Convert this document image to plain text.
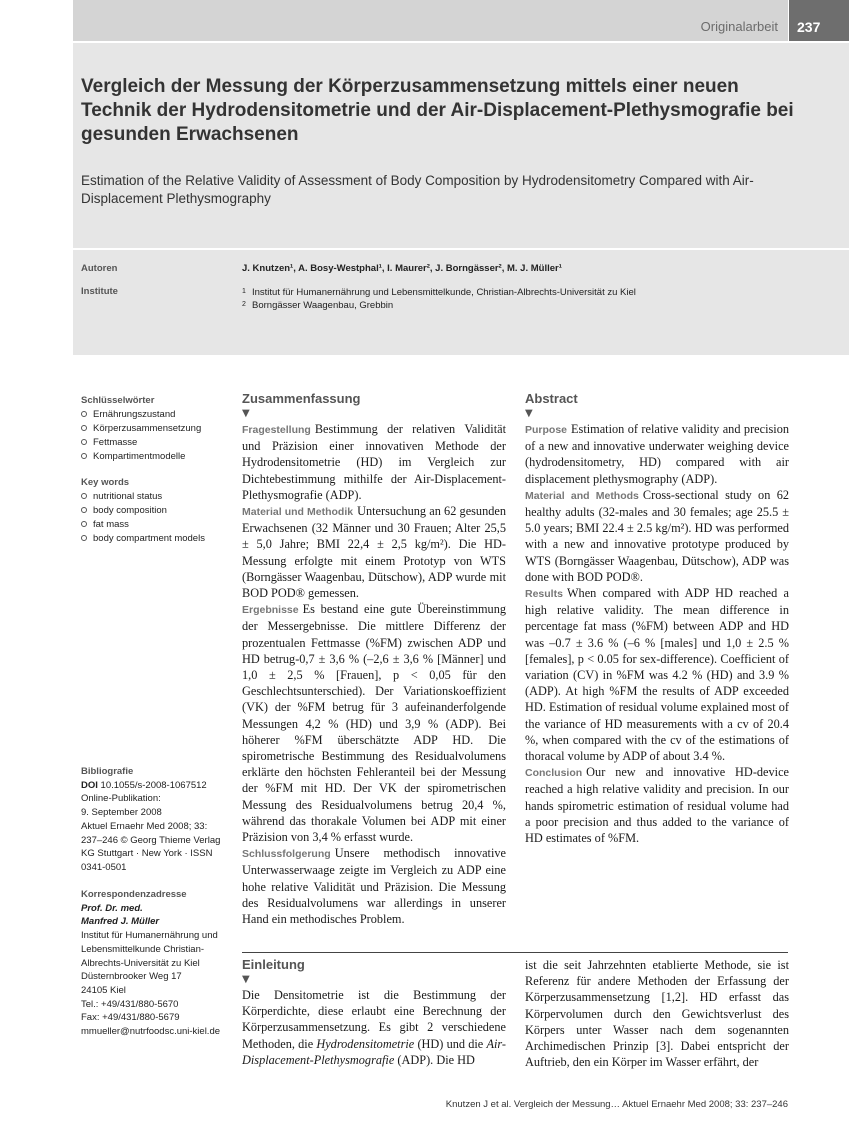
Originalarbeit	237
Vergleich der Messung der Körperzusammensetzung mittels einer neuen Technik der Hydrodensitometrie und der Air-Displacement-Plethysmografie bei gesunden Erwachsenen

Estimation of the Relative Validity of Assessment of Body Composition by Hydrodensitometry Compared with Air-Displacement Plethysmography

Autoren	J. Knutzen¹, A. Bosy-Westphal¹, I. Maurer², J. Borngässer², M. J. Müller¹
Institute	1 Institut für Humanernährung und Lebensmittelkunde, Christian-Albrechts-Universität zu Kiel
2 Borngässer Waagenbau, Grebbin
Schlüsselwörter
Ernährungszustand
Körperzusammensetzung
Fettmasse
Kompartimentmodelle
Key words
nutritional status
body composition
fat mass
body compartment models
Bibliografie
DOI 10.1055/s-2008-1067512
Online-Publikation:
9. September 2008
Aktuel Ernaehr Med 2008; 33: 237–246 © Georg Thieme Verlag KG Stuttgart · New York · ISSN 0341-0501
Korrespondenzadresse
Prof. Dr. med.
Manfred J. Müller
Institut für Humanernährung und Lebensmittelkunde Christian-Albrechts-Universität zu Kiel
Düsternbrooker Weg 17
24105 Kiel
Tel.: +49/431/880-5670
Fax: +49/431/880-5679
mmueller@nutrfoodsc.uni-kiel.de
Zusammenfassung
▼

Fragestellung Bestimmung der relativen Validität und Präzision einer innovativen Methode der Hydrodensitometrie (HD) im Vergleich zur Dichtebestimmung mithilfe der Air-Displacement-Plethysmografie (ADP).

Material und Methodik Untersuchung an 62 gesunden Erwachsenen (32 Männer und 30 Frauen; Alter 25,5 ± 5,0 Jahre; BMI 22,4 ± 2,5 kg/m²). Die HD-Messung erfolgte mit einem Prototyp von WTS (Borngässer Waagenbau, Dütschow), ADP wurde mit BOD POD® gemessen.

Ergebnisse Es bestand eine gute Übereinstimmung der Messergebnisse. Die mittlere Differenz der prozentualen Fettmasse (%FM) zwischen ADP und HD betrug-0,7 ± 3,6 % (–2,6 ± 3,6 % [Männer] und 1,0 ± 2,5 % [Frauen], p < 0,05 für den Geschlechtsunterschied). Der Variationskoeffizient (VK) der %FM betrug für 3 aufeinanderfolgende Messungen 4,2 % (HD) und 3,9 % (ADP). Bei höherer %FM überschätzte ADP HD. Die spirometrische Bestimmung des Residualvolumens erklärte den höchsten Fehleranteil bei der Messung der %FM mit HD. Der VK der spirometrischen Messung des Residualvolumens betrug 20,4 %, während das thorakale Volumen bei ADP mit einer Präzision von 3,4 % erfasst wurde.

Schlussfolgerung Unsere methodisch innovative Unterwasserwaage zeigte im Vergleich zu ADP eine hohe relative Validität und Präzision. Die Messung des Residualvolumens war allerdings in unserer Hand ein methodisches Problem.

Abstract
▼

Purpose Estimation of relative validity and precision of a new and innovative underwater weighing device (hydrodensitometry, HD) compared with air displacement plethysmography (ADP).

Material and Methods Cross-sectional study on 62 healthy adults (32-males and 30 females; age 25.5 ± 5.0 years; BMI 22.4 ± 2.5 kg/m²). HD was performed with a new and innovative prototype produced by WTS (Borngässer Waagenbau, Dütschow), ADP was done with BOD POD®.

Results When compared with ADP HD reached a high relative validity. The mean difference in percentage fat mass (%FM) between ADP and HD was –0.7 ± 3.6 % (–6 % [males] und 1,0 ± 2.5 % [females], p < 0.05 for sex-difference). Coefficient of variation (CV) in %FM was 4.2 % (HD) and 3.9 % (ADP). At high %FM the results of ADP exceeded HD. Estimation of residual volume explained most of the variance of HD measurements with a cv of 20.4 %, when compared with the cv of the estimations of thoracal volume by ADP of about 3.4 %.

Conclusion Our new and innovative HD-device reached a high relative validity and precision. In our hands spirometric estimation of residual volume had a poor precision and thus added to the variance of HD estimates of %FM.

Einleitung
▼

Die Densitometrie ist die Bestimmung der Körperdichte, diese erlaubt eine Berechnung der Körperzusammensetzung. Es gibt 2 verschiedene Methoden, die Hydrodensitometrie (HD) und die Air-Displacement-Plethysmografie (ADP). Die HD

ist die seit Jahrzehnten etablierte Methode, sie ist Referenz für andere Methoden der Erfassung der Körperzusammensetzung [1,2]. HD erfasst das Körpervolumen durch den Gewichtsverlust des Körpers unter Wasser nach dem sogenannten Archimedischen Prinzip [3]. Dabei entspricht der Auftrieb, den ein Körper im Wasser erfährt, der

Knutzen J et al. Vergleich der Messung… Aktuel Ernaehr Med 2008; 33: 237–246
